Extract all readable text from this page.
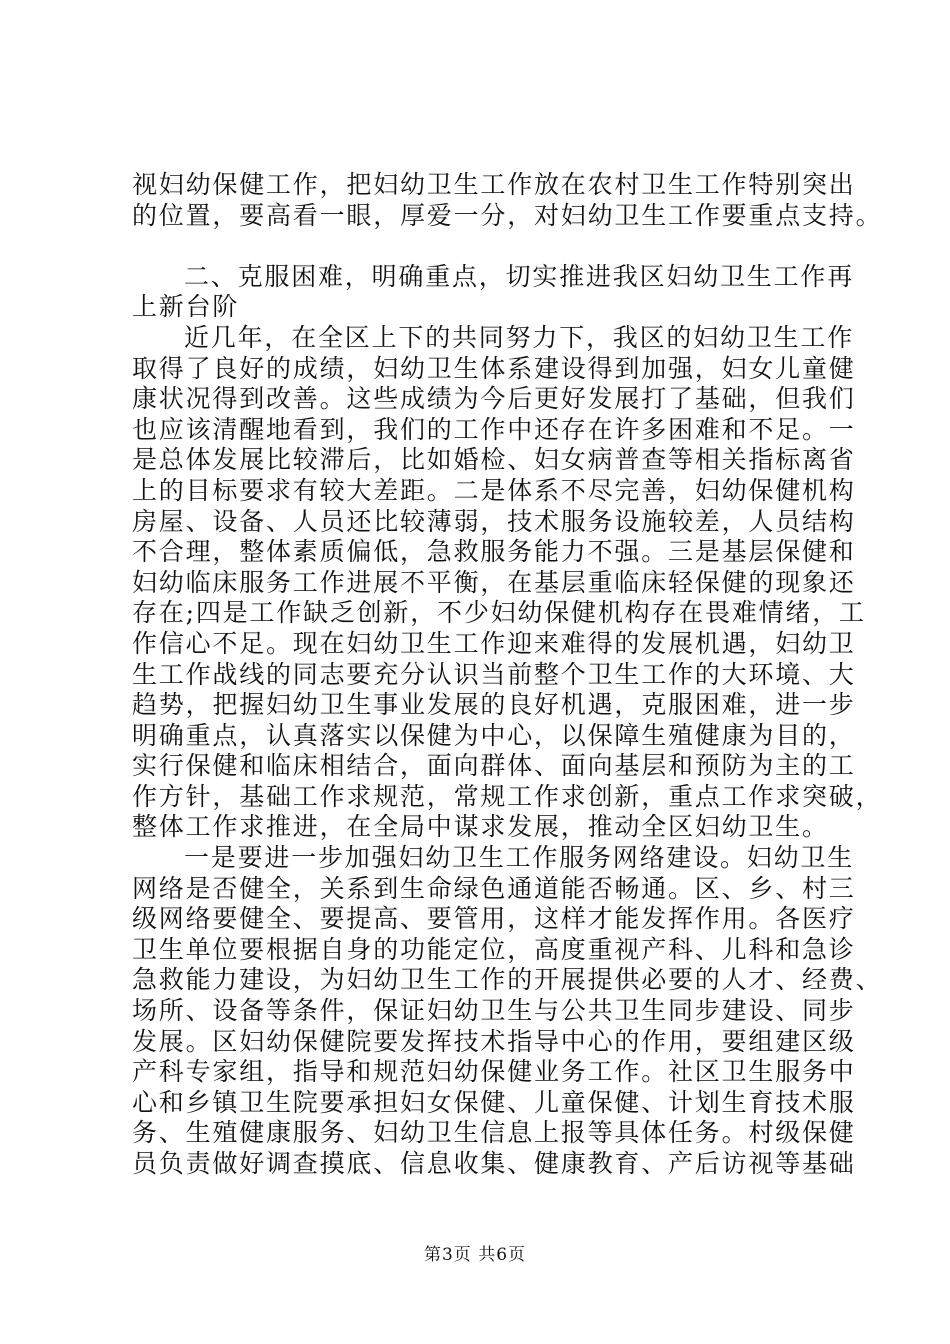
视妇幼保健工作，把妇幼卫生工作放在农村卫生工作特别突出
的位置，要高看一眼，厚爱一分，对妇幼卫生工作要重点支持。
二、克服困难，明确重点，切实推进我区妇幼卫生工作再
上新台阶
近几年，在全区上下的共同努力下，我区的妇幼卫生工作
取得了良好的成绩，妇幼卫生体系建设得到加强，妇女儿童健
康状况得到改善。这些成绩为今后更好发展打了基础，但我们
也应该清醒地看到，我们的工作中还存在许多困难和不足。一
是总体发展比较滞后，比如婚检、妇女病普查等相关指标离省
上的目标要求有较大差距。二是体系不尽完善，妇幼保健机构
房屋、设备、人员还比较薄弱，技术服务设施较差，人员结构
不合理，整体素质偏低，急救服务能力不强。三是基层保健和
妇幼临床服务工作进展不平衡，在基层重临床轻保健的现象还
存在;四是工作缺乏创新，不少妇幼保健机构存在畏难情绪，工
作信心不足。现在妇幼卫生工作迎来难得的发展机遇，妇幼卫
生工作战线的同志要充分认识当前整个卫生工作的大环境、大
趋势，把握妇幼卫生事业发展的良好机遇，克服困难，进一步
明确重点，认真落实以保健为中心，以保障生殖健康为目的，
实行保健和临床相结合，面向群体、面向基层和预防为主的工
作方针，基础工作求规范，常规工作求创新，重点工作求突破，
整体工作求推进，在全局中谋求发展，推动全区妇幼卫生。
一是要进一步加强妇幼卫生工作服务网络建设。妇幼卫生
网络是否健全，关系到生命绿色通道能否畅通。区、乡、村三
级网络要健全、要提高、要管用，这样才能发挥作用。各医疗
卫生单位要根据自身的功能定位，高度重视产科、儿科和急诊
急救能力建设，为妇幼卫生工作的开展提供必要的人才、经费、
场所、设备等条件，保证妇幼卫生与公共卫生同步建设、同步
发展。区妇幼保健院要发挥技术指导中心的作用，要组建区级
产科专家组，指导和规范妇幼保健业务工作。社区卫生服务中
心和乡镇卫生院要承担妇女保健、儿童保健、计划生育技术服
务、生殖健康服务、妇幼卫生信息上报等具体任务。村级保健
员负责做好调查摸底、信息收集、健康教育、产后访视等基础
第3页 共6页
